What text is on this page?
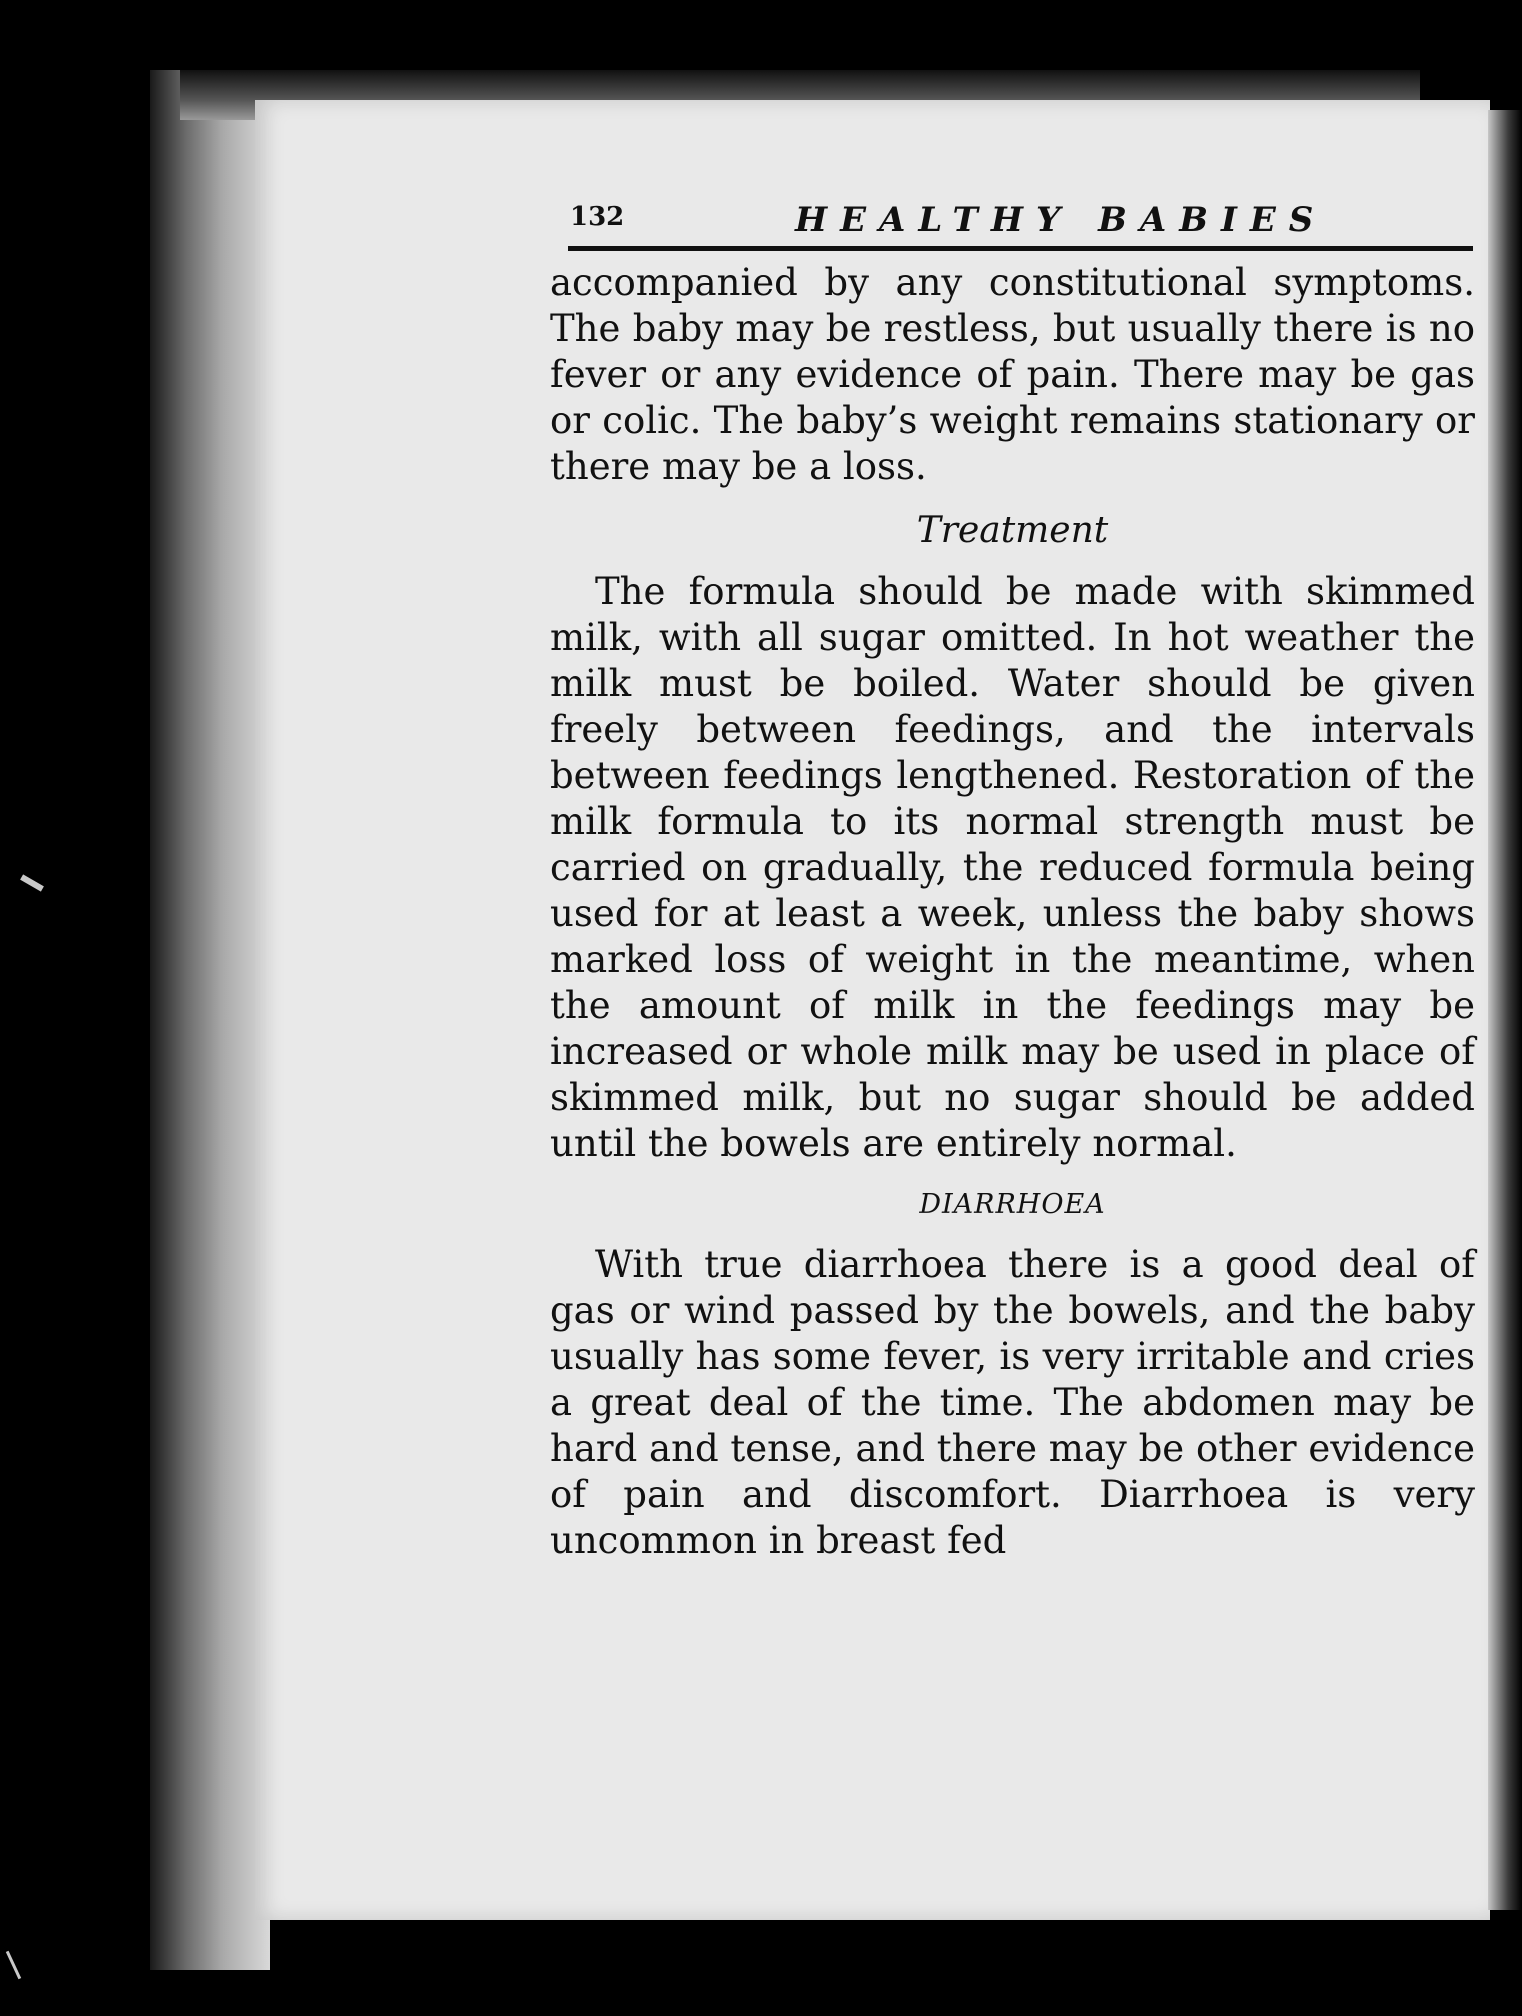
132	HEALTHY BABIES

accompanied by any constitutional symptoms. The baby may be restless, but usually there is no fever or any evidence of pain. There may be gas or colic. The baby’s weight remains stationary or there may be a loss.

Treatment

The formula should be made with skimmed milk, with all sugar omitted. In hot weather the milk must be boiled. Water should be given freely between feedings, and the intervals between feedings lengthened. Restoration of the milk formula to its normal strength must be carried on gradually, the reduced formula being used for at least a week, unless the baby shows marked loss of weight in the meantime, when the amount of milk in the feedings may be increased or whole milk may be used in place of skimmed milk, but no sugar should be added until the bowels are entirely normal.

DIARRHOEA

With true diarrhoea there is a good deal of gas or wind passed by the bowels, and the baby usually has some fever, is very irritable and cries a great deal of the time. The abdomen may be hard and tense, and there may be other evidence of pain and discomfort. Diarrhoea is very uncommon in breast fed
